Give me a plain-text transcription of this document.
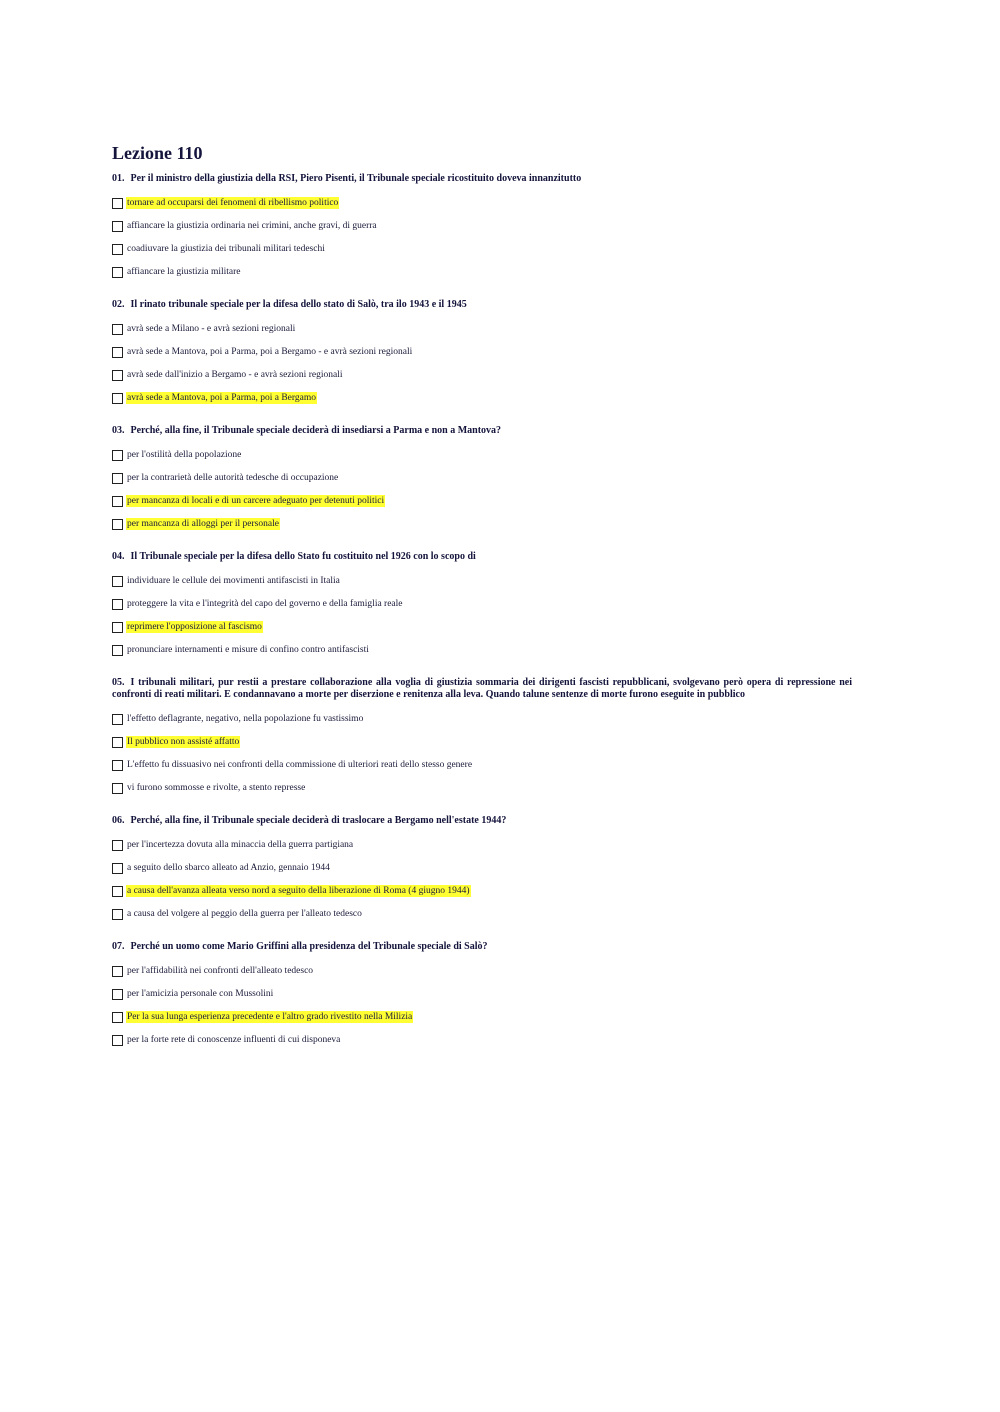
Lezione 110
01. Per il ministro della giustizia della RSI, Piero Pisenti, il Tribunale speciale ricostituito doveva innanzitutto
tornare ad occuparsi dei fenomeni di ribellismo politico
affiancare la giustizia ordinaria nei crimini, anche gravi, di guerra
coadiuvare la giustizia dei tribunali militari tedeschi
affiancare la giustizia militare
02. Il rinato tribunale speciale per la difesa dello stato di Salò, tra ilo 1943 e il 1945
avrà sede a Milano - e avrà sezioni regionali
avrà sede a Mantova, poi a Parma, poi a Bergamo - e avrà sezioni regionali
avrà sede dall'inizio a Bergamo - e avrà sezioni regionali
avrà sede a Mantova, poi a Parma, poi a Bergamo
03. Perché, alla fine, il Tribunale speciale deciderà di insediarsi a Parma e non a Mantova?
per l'ostilità della popolazione
per la contrarietà delle autorità tedesche di occupazione
per mancanza di locali e di un carcere adeguato per detenuti politici
per mancanza di alloggi per il personale
04. Il Tribunale speciale per la difesa dello Stato fu costituito nel 1926 con lo scopo di
individuare le cellule dei movimenti antifascisti in Italia
proteggere la vita e l'integrità del capo del governo e della famiglia reale
reprimere l'opposizione al fascismo
pronunciare internamenti e misure di confino contro antifascisti
05. I tribunali militari, pur restii a prestare collaborazione alla voglia di giustizia sommaria dei dirigenti fascisti repubblicani, svolgevano però opera di repressione nei confronti di reati militari. E condannavano a morte per diserzione e renitenza alla leva. Quando talune sentenze di morte furono eseguite in pubblico
l'effetto deflagrante, negativo, nella popolazione fu vastissimo
Il pubblico non assisté affatto
L'effetto fu dissuasivo nei confronti della commissione di ulteriori reati dello stesso genere
vi furono sommosse e rivolte, a stento represse
06. Perché, alla fine, il Tribunale speciale deciderà di traslocare a Bergamo nell'estate 1944?
per l'incertezza dovuta alla minaccia della guerra partigiana
a seguito dello sbarco alleato ad Anzio, gennaio 1944
a causa dell'avanza alleata verso nord a seguito della liberazione di Roma (4 giugno 1944)
a causa del volgere al peggio della guerra per l'alleato tedesco
07. Perché un uomo come Mario Griffini alla presidenza del Tribunale speciale di Salò?
per l'affidabilità nei confronti dell'alleato tedesco
per l'amicizia personale con Mussolini
Per la sua lunga esperienza precedente e l'altro grado rivestito nella Milizia
per la forte rete di conoscenze influenti di cui disponeva
